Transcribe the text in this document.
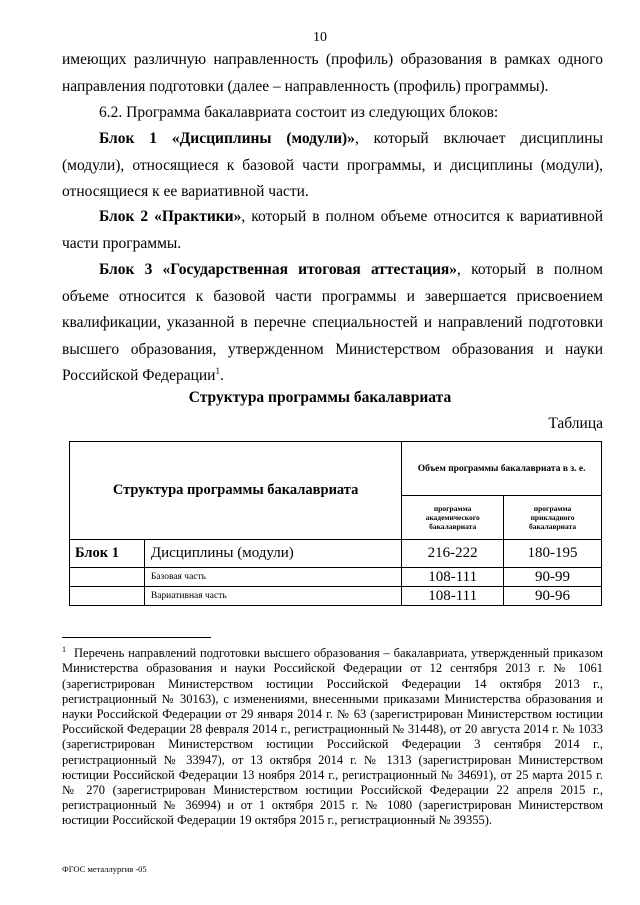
10
имеющих различную направленность (профиль) образования в рамках одного направления подготовки (далее – направленность (профиль) программы).
6.2. Программа бакалавриата состоит из следующих блоков:
Блок 1 «Дисциплины (модули)», который включает дисциплины (модули), относящиеся к базовой части программы, и дисциплины (модули), относящиеся к ее вариативной части.
Блок 2 «Практики», который в полном объеме относится к вариативной части программы.
Блок 3 «Государственная итоговая аттестация», который в полном объеме относится к базовой части программы и завершается присвоением квалификации, указанной в перечне специальностей и направлений подготовки высшего образования, утвержденном Министерством образования и науки Российской Федерации$^1$.
Структура программы бакалавриата
Таблица
Структура программы бакалавриата		Объем программы бакалавриата в з. е.	
		программа академического бакалавриата	программа прикладного бакалавриата
Блок 1	Дисциплины (модули)	216-222	180-195
	Базовая часть	108-111	90-99
	Вариативная часть	108-111	90-96
$^1$ Перечень направлений подготовки высшего образования – бакалавриата, утвержденный приказом Министерства образования и науки Российской Федерации от 12 сентября 2013 г. № 1061 (зарегистрирован Министерством юстиции Российской Федерации 14 октября 2013 г., регистрационный № 30163), с изменениями, внесенными приказами Министерства образования и науки Российской Федерации от 29 января 2014 г. № 63 (зарегистрирован Министерством юстиции Российской Федерации 28 февраля 2014 г., регистрационный № 31448), от 20 августа 2014 г. № 1033 (зарегистрирован Министерством юстиции Российской Федерации 3 сентября 2014 г., регистрационный № 33947), от 13 октября 2014 г. № 1313 (зарегистрирован Министерством юстиции Российской Федерации 13 ноября 2014 г., регистрационный № 34691), от 25 марта 2015 г. № 270 (зарегистрирован Министерством юстиции Российской Федерации 22 апреля 2015 г., регистрационный № 36994) и от 1 октября 2015 г. № 1080 (зарегистрирован Министерством юстиции Российской Федерации 19 октября 2015 г., регистрационный № 39355).
ФГОС металлургия -05
